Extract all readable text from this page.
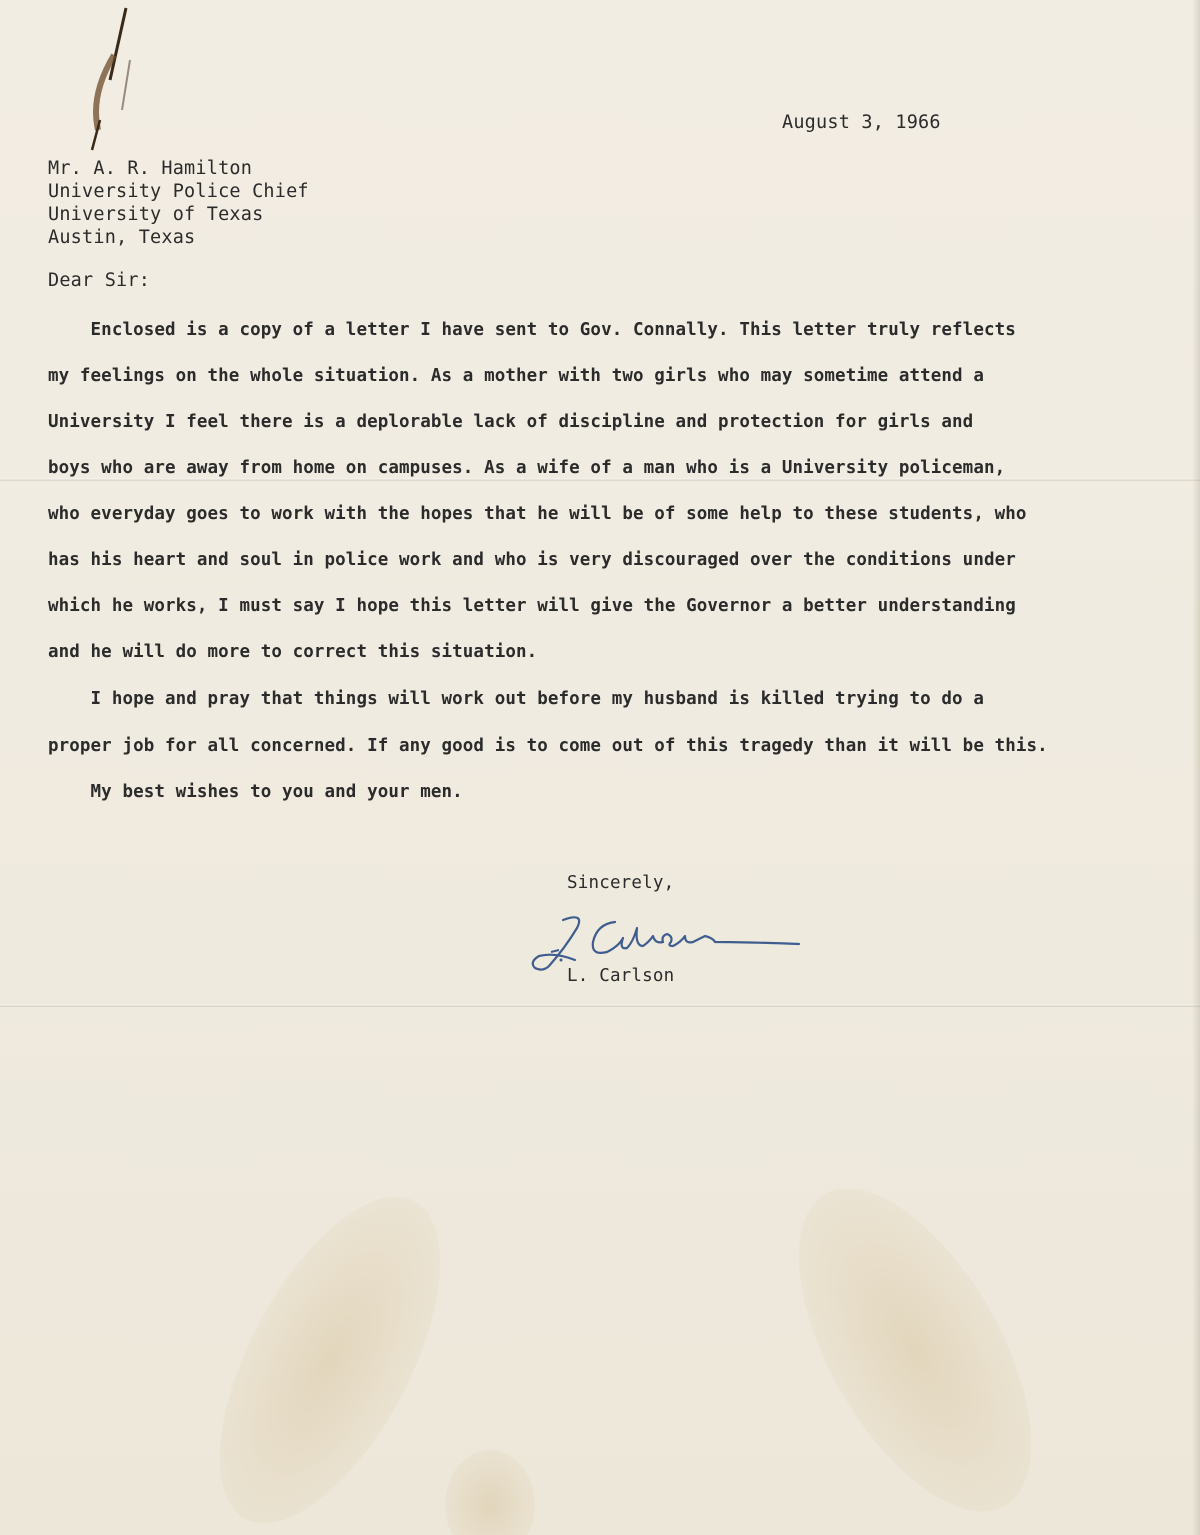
August 3, 1966
Mr. A. R. Hamilton
University Police Chief
University of Texas
Austin, Texas
Dear Sir:
Enclosed is a copy of a letter I have sent to Gov. Connally. This letter truly reflects
my feelings on the whole situation. As a mother with two girls who may sometime attend a
University I feel there is a deplorable lack of discipline and protection for girls and
boys who are away from home on campuses. As a wife of a man who is a University policeman,
who everyday goes to work with the hopes that he will be of some help to these students, who
has his heart and soul in police work and who is very discouraged over the conditions under
which he works, I must say I hope this letter will give the Governor a better understanding
and he will do more to correct this situation.
I hope and pray that things will work out before my husband is killed trying to do a
proper job for all concerned. If any good is to come out of this tragedy than it will be this.
My best wishes to you and your men.
Sincerely,
L. Carlson
